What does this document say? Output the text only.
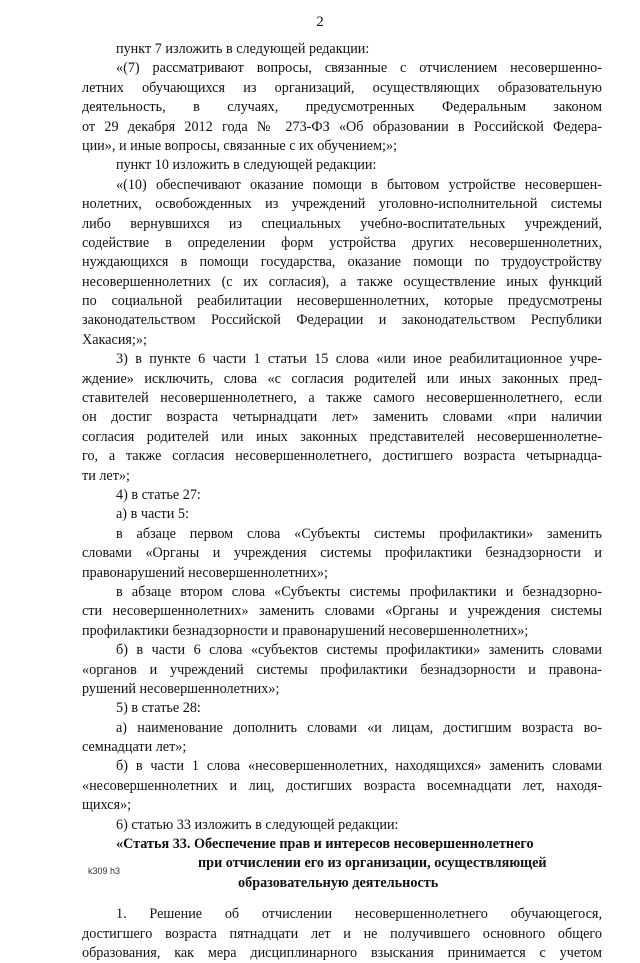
2
пункт 7 изложить в следующей редакции:
«(7) рассматривают вопросы, связанные с отчислением несовершенно-
летних обучающихся из организаций, осуществляющих образовательную
деятельность, в случаях, предусмотренных Федеральным законом
от 29 декабря 2012 года № 273-ФЗ «Об образовании в Российской Федера-
ции», и иные вопросы, связанные с их обучением;»;
пункт 10 изложить в следующей редакции:
«(10) обеспечивают оказание помощи в бытовом устройстве несовершен-
нолетних, освобожденных из учреждений уголовно-исполнительной системы
либо вернувшихся из специальных учебно-воспитательных учреждений,
содействие в определении форм устройства других несовершеннолетних,
нуждающихся в помощи государства, оказание помощи по трудоустройству
несовершеннолетних (с их согласия), а также осуществление иных функций
по социальной реабилитации несовершеннолетних, которые предусмотрены
законодательством Российской Федерации и законодательством Республики
Хакасия;»;
3) в пункте 6 части 1 статьи 15 слова «или иное реабилитационное учре-
ждение» исключить, слова «с согласия родителей или иных законных пред-
ставителей несовершеннолетнего, а также самого несовершеннолетнего, если
он достиг возраста четырнадцати лет» заменить словами «при наличии
согласия родителей или иных законных представителей несовершеннолетне-
го, а также согласия несовершеннолетнего, достигшего возраста четырнадца-
ти лет»;
4) в статье 27:
а) в части 5:
в абзаце первом слова «Субъекты системы профилактики» заменить
словами «Органы и учреждения системы профилактики безнадзорности и
правонарушений несовершеннолетних»;
в абзаце втором слова «Субъекты системы профилактики и безнадзорно-
сти несовершеннолетних» заменить словами «Органы и учреждения системы
профилактики безнадзорности и правонарушений несовершеннолетних»;
б) в части 6 слова «субъектов системы профилактики» заменить словами
«органов и учреждений системы профилактики безнадзорности и правона-
рушений несовершеннолетних»;
5) в статье 28:
а) наименование дополнить словами «и лицам, достигшим возраста во-
семнадцати лет»;
б) в части 1 слова «несовершеннолетних, находящихся» заменить словами
«несовершеннолетних и лиц, достигших возраста восемнадцати лет, находя-
щихся»;
6) статью 33 изложить в следующей редакции:
«Статья 33. Обеспечение прав и интересов несовершеннолетнего
при отчислении его из организации, осуществляющей
образовательную деятельность
1. Решение об отчислении несовершеннолетнего обучающегося,
достигшего возраста пятнадцати лет и не получившего основного общего
образования, как мера дисциплинарного взыскания принимается с учетом
k309 h3
